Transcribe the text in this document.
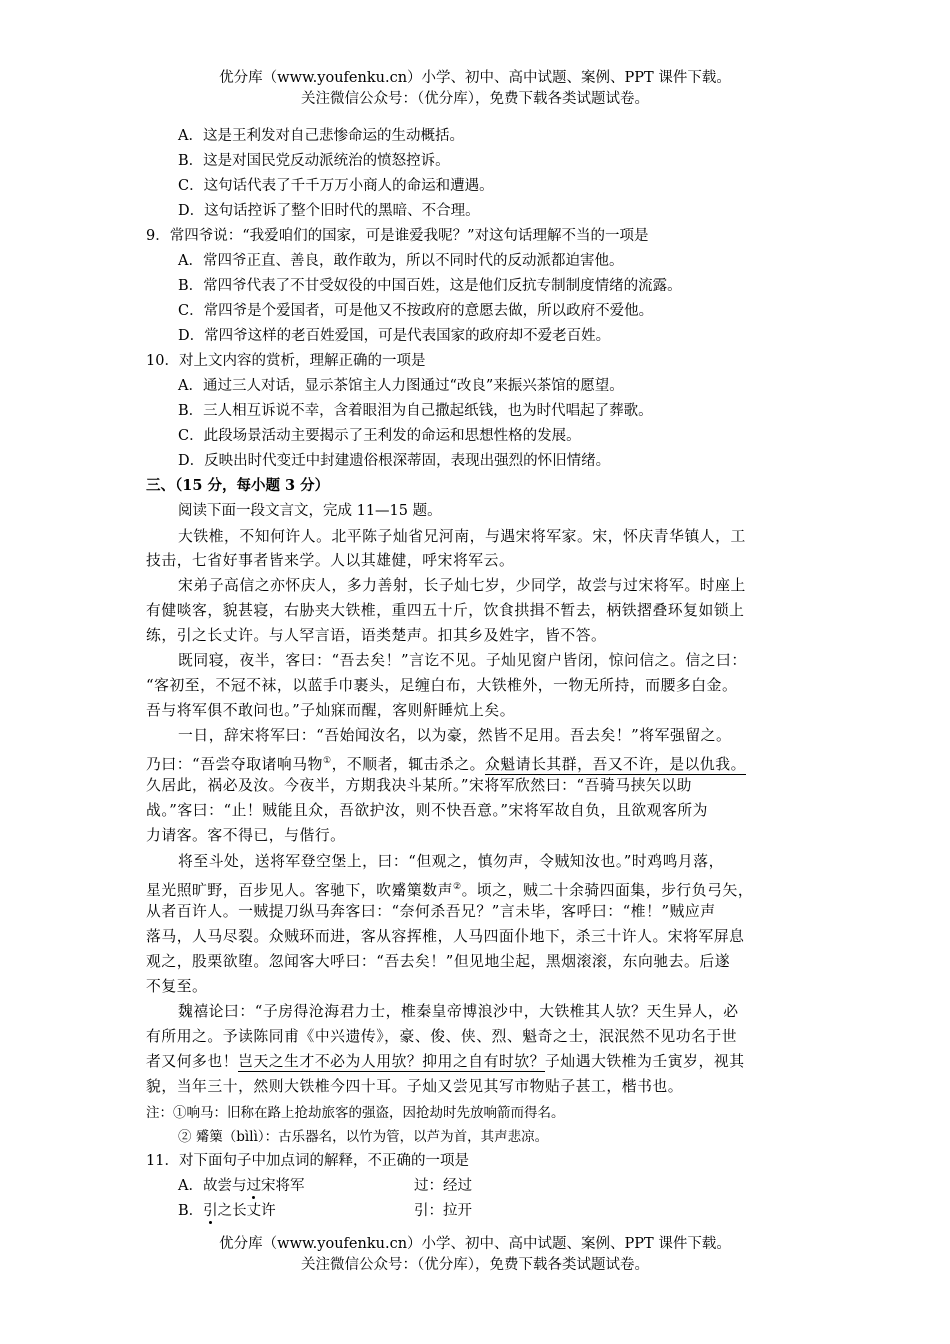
优分库（www.youfenku.cn）小学、初中、高中试题、案例、PPT 课件下载。
关注微信公众号：（优分库），免费下载各类试题试卷。
A．这是王利发对自己悲惨命运的生动概括。
B．这是对国民党反动派统治的愤怒控诉。
C．这句话代表了千千万万小商人的命运和遭遇。
D．这句话控诉了整个旧时代的黑暗、不合理。
9．常四爷说：“我爱咱们的国家，可是谁爱我呢？”对这句话理解不当的一项是
A．常四爷正直、善良，敢作敢为，所以不同时代的反动派都迫害他。
B．常四爷代表了不甘受奴役的中国百姓，这是他们反抗专制制度情绪的流露。
C．常四爷是个爱国者，可是他又不按政府的意愿去做，所以政府不爱他。
D．常四爷这样的老百姓爱国，可是代表国家的政府却不爱老百姓。
10．对上文内容的赏析，理解正确的一项是
A．通过三人对话，显示茶馆主人力图通过“改良”来振兴茶馆的愿望。
B．三人相互诉说不幸，含着眼泪为自己撒起纸钱，也为时代唱起了葬歌。
C．此段场景活动主要揭示了王利发的命运和思想性格的发展。
D．反映出时代变迁中封建遗俗根深蒂固，表现出强烈的怀旧情绪。
三、（15 分，每小题 3 分）
阅读下面一段文言文，完成 11—15 题。
大铁椎，不知何许人。北平陈子灿省兄河南，与遇宋将军家。宋，怀庆青华镇人，工
技击，七省好事者皆来学。人以其雄健，呼宋将军云。
宋弟子高信之亦怀庆人，多力善射，长子灿七岁，少同学，故尝与过宋将军。时座上
有健啖客，貌甚寝，右胁夹大铁椎，重四五十斤，饮食拱揖不暂去，柄铁摺叠环复如锁上
练，引之长丈许。与人罕言语，语类楚声。扣其乡及姓字，皆不答。
既同寝，夜半，客曰：“吾去矣！”言讫不见。子灿见窗户皆闭，惊问信之。信之曰：
“客初至，不冠不袜，以蓝手巾裹头，足缠白布，大铁椎外，一物无所持，而腰多白金。
吾与将军俱不敢问也。”子灿寐而醒，客则鼾睡炕上矣。
一日，辞宋将军曰：“吾始闻汝名，以为豪，然皆不足用。吾去矣！”将军强留之。
乃曰：“吾尝夺取诸响马物①，不顺者，辄击杀之。众魁请长其群，吾又不许，是以仇我。
久居此，祸必及汝。今夜半，方期我决斗某所。”宋将军欣然曰：“吾骑马挟矢以助
战。”客曰：“止！贼能且众，吾欲护汝，则不快吾意。”宋将军故自负，且欲观客所为
力请客。客不得已，与偕行。
将至斗处，送将军登空堡上，曰：“但观之，慎勿声，令贼知汝也。”时鸡鸣月落，
星光照旷野，百步见人。客驰下，吹觱篥数声②。顷之，贼二十余骑四面集，步行负弓矢，
从者百许人。一贼提刀纵马奔客曰：“奈何杀吾兄？”言未毕，客呼曰：“椎！”贼应声
落马，人马尽裂。众贼环而进，客从容挥椎，人马四面仆地下，杀三十许人。宋将军屏息
观之，股栗欲堕。忽闻客大呼曰：“吾去矣！”但见地尘起，黑烟滚滚，东向驰去。后遂
不复至。
魏禧论曰：“子房得沧海君力士，椎秦皇帝博浪沙中，大铁椎其人欤？天生异人，必
有所用之。予读陈同甫《中兴遗传》，豪、俊、侠、烈、魁奇之士，泯泯然不见功名于世
者又何多也！岂天之生才不必为人用欤？抑用之自有时欤？子灿遇大铁椎为壬寅岁，视其
貌，当年三十，然则大铁椎今四十耳。子灿又尝见其写市物贴子甚工，楷书也。
注：①响马：旧称在路上抢劫旅客的强盗，因抢劫时先放响箭而得名。
② 觱篥（bìlì）：古乐器名，以竹为管，以芦为首，其声悲凉。
11．对下面句子中加点词的解释，不正确的一项是
A．故尝与过宋将军	过：经过
B．引之长丈许	引：拉开
优分库（www.youfenku.cn）小学、初中、高中试题、案例、PPT 课件下载。
关注微信公众号：（优分库），免费下载各类试题试卷。
